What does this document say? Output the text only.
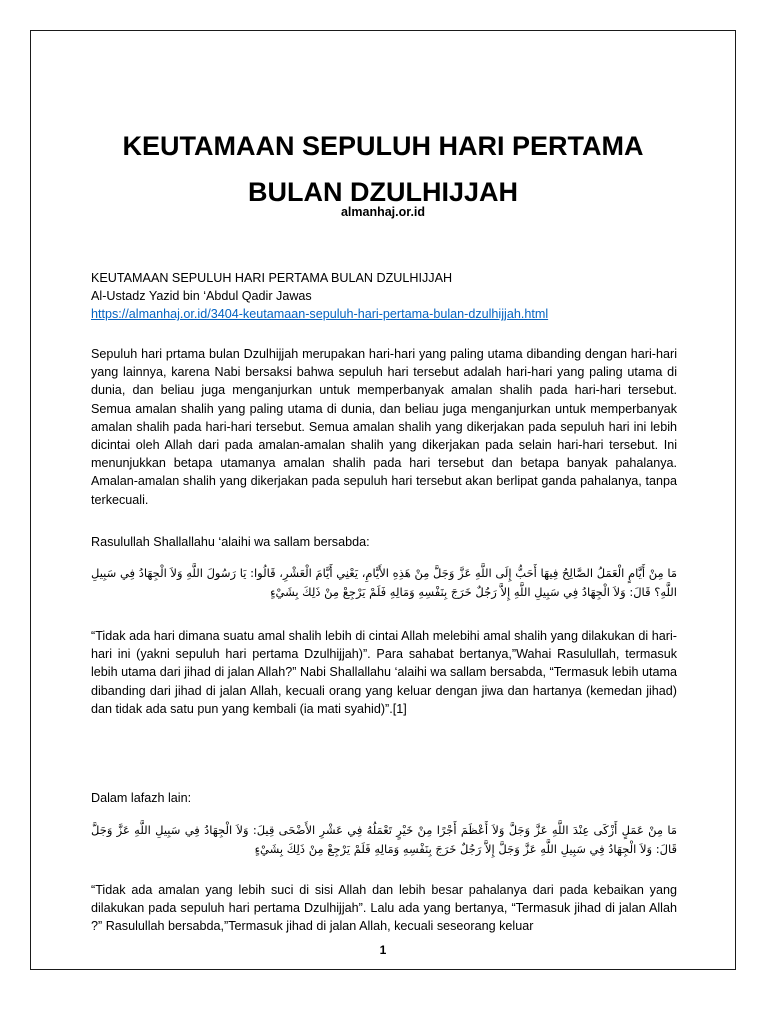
KEUTAMAAN SEPULUH HARI PERTAMA
BULAN DZULHIJJAH
almanhaj.or.id
KEUTAMAAN SEPULUH HARI PERTAMA BULAN DZULHIJJAH
Al-Ustadz Yazid bin ‘Abdul Qadir Jawas
https://almanhaj.or.id/3404-keutamaan-sepuluh-hari-pertama-bulan-dzulhijjah.html

Sepuluh hari prtama bulan Dzulhijjah merupakan hari-hari yang paling utama dibanding dengan hari-hari yang lainnya, karena Nabi bersaksi bahwa sepuluh hari tersebut adalah hari-hari yang paling utama di dunia, dan beliau juga menganjurkan untuk memperbanyak amalan shalih pada hari-hari tersebut. Semua amalan shalih yang paling utama di dunia, dan beliau juga menganjurkan untuk memperbanyak amalan shalih pada hari-hari tersebut. Semua amalan shalih yang dikerjakan pada sepuluh hari ini lebih dicintai oleh Allah dari pada amalan-amalan shalih yang dikerjakan pada selain hari-hari tersebut. Ini menunjukkan betapa utamanya amalan shalih pada hari tersebut dan betapa banyak pahalanya. Amalan-amalan shalih yang dikerjakan pada sepuluh hari tersebut akan berlipat ganda pahalanya, tanpa terkecuali.

Rasulullah Shallallahu ‘alaihi wa sallam bersabda:

مَا مِنْ أَيَّامٍ الْعَمَلُ الصَّالِحُ فِيهَا أَحَبُّ إِلَى اللَّهِ عَزَّ وَجَلَّ مِنْ هَذِهِ الأَيَّامِ، يَعْنِي أَيَّامَ الْعَشْرِ، قَالُوا: يَا رَسُولَ اللَّهِ وَلاَ الْجِهَادُ فِي سَبِيلِ اللَّهِ؟ قَالَ: وَلاَ الْجِهَادُ فِي سَبِيلِ اللَّهِ إِلاَّ رَجُلٌ خَرَجَ بِنَفْسِهِ وَمَالِهِ فَلَمْ يَرْجِعْ مِنْ ذَلِكَ بِشَيْءٍ

“Tidak ada hari dimana suatu amal shalih lebih di cintai Allah melebihi amal shalih yang dilakukan di hari-hari ini (yakni sepuluh hari pertama Dzulhijjah)”. Para sahabat bertanya,”Wahai Rasulullah, termasuk lebih utama dari jihad di jalan Allah?” Nabi Shallallahu ‘alaihi wa sallam bersabda, “Termasuk lebih utama dibanding dari jihad di jalan Allah, kecuali orang yang keluar dengan jiwa dan hartanya (kemedan jihad) dan tidak ada satu pun yang kembali (ia mati syahid)”.[1]

Dalam lafazh lain:

مَا مِنْ عَمَلٍ أَزْكَى عِنْدَ اللَّهِ عَزَّ وَجَلَّ وَلاَ أَعْظَمَ أَجْرًا مِنْ خَيْرٍ تَعْمَلُهُ فِي عَشْرِ الأَضْحَى قِيلَ: وَلاَ الْجِهَادُ فِي سَبِيلِ اللَّهِ عَزَّ وَجَلَّ قَالَ: وَلاَ الْجِهَادُ فِي سَبِيلِ اللَّهِ عَزَّ وَجَلَّ إِلاَّ رَجُلٌ خَرَجَ بِنَفْسِهِ وَمَالِهِ فَلَمْ يَرْجِعْ مِنْ ذَلِكَ بِشَيْءٍ

“Tidak ada amalan yang lebih suci di sisi Allah dan lebih besar pahalanya dari pada kebaikan yang dilakukan pada sepuluh hari pertama Dzulhijjah”. Lalu ada yang bertanya, “Termasuk jihad di jalan Allah ?” Rasulullah bersabda,”Termasuk jihad di jalan Allah, kecuali seseorang keluar

1
